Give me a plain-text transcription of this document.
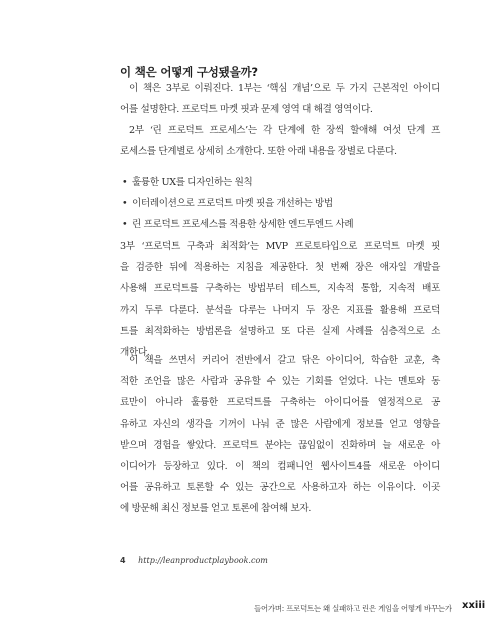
이 책은 어떻게 구성됐을까?
이 책은 3부로 이뤄진다. 1부는 ‘핵심 개념’으로 두 가지 근본적인 아이디
어를 설명한다. 프로덕트 마켓 핏과 문제 영역 대 해결 영역이다.
2부 ‘린 프로덕트 프로세스’는 각 단계에 한 장씩 할애해 여섯 단계 프
로세스를 단계별로 상세히 소개한다. 또한 아래 내용을 장별로 다룬다.
• 훌륭한 UX를 디자인하는 원칙
• 이터레이션으로 프로덕트 마켓 핏을 개선하는 방법
• 린 프로덕트 프로세스를 적용한 상세한 엔드투엔드 사례
3부 ‘프로덕트 구축과 최적화’는 MVP 프로토타입으로 프로덕트 마켓 핏
을 검증한 뒤에 적용하는 지침을 제공한다. 첫 번째 장은 애자일 개발을
사용해 프로덕트를 구축하는 방법부터 테스트, 지속적 통합, 지속적 배포
까지 두루 다룬다. 분석을 다루는 나머지 두 장은 지표를 활용해 프로덕
트를 최적화하는 방법론을 설명하고 또 다른 실제 사례를 심층적으로 소
개한다.
이 책을 쓰면서 커리어 전반에서 갈고 닦은 아이디어, 학습한 교훈, 축
적한 조언을 많은 사람과 공유할 수 있는 기회를 얻었다. 나는 멘토와 동
료만이 아니라 훌륭한 프로덕트를 구축하는 아이디어를 열정적으로 공
유하고 자신의 생각을 기꺼이 나눠 준 많은 사람에게 정보를 얻고 영향을
받으며 경험을 쌓았다. 프로덕트 분야는 끊임없이 진화하며 늘 새로운 아
이디어가 등장하고 있다. 이 책의 컴패니언 웹사이트4를 새로운 아이디
어를 공유하고 토론할 수 있는 공간으로 사용하고자 하는 이유이다. 이곳
에 방문해 최신 정보를 얻고 토론에 참여해 보자.
4 http://leanproductplaybook.com
들어가며: 프로덕트는 왜 실패하고 린은 게임을 어떻게 바꾸는가 xxiii
